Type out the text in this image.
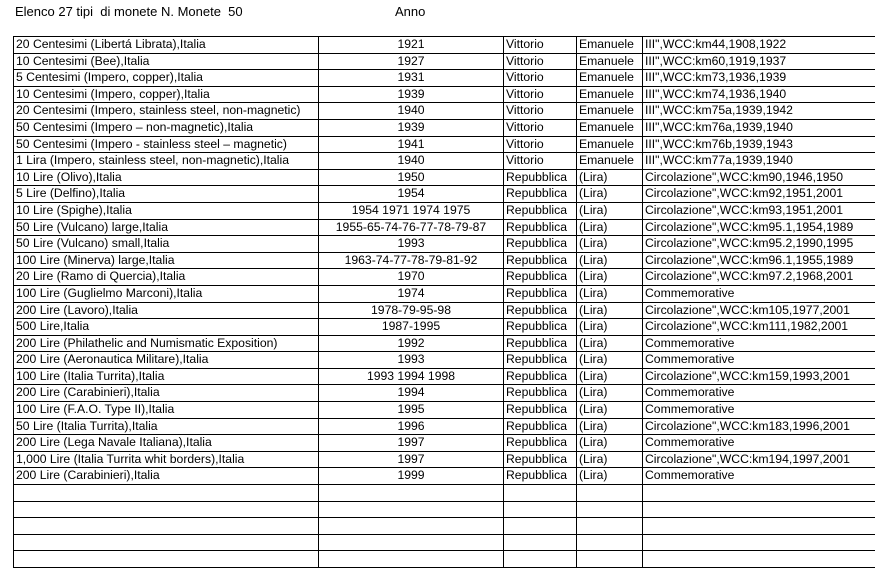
Elenco 27 tipi  di monete N. Monete  50	Anno
20 Centesimi (Libertá Librata),Italia	1921	Vittorio	Emanuele	III",WCC:km44,1908,1922
10 Centesimi (Bee),Italia	1927	Vittorio	Emanuele	III",WCC:km60,1919,1937
5 Centesimi (Impero, copper),Italia	1931	Vittorio	Emanuele	III",WCC:km73,1936,1939
10 Centesimi (Impero, copper),Italia	1939	Vittorio	Emanuele	III",WCC:km74,1936,1940
20 Centesimi (Impero, stainless steel, non-magnetic)	1940	Vittorio	Emanuele	III",WCC:km75a,1939,1942
50 Centesimi (Impero – non-magnetic),Italia	1939	Vittorio	Emanuele	III",WCC:km76a,1939,1940
50 Centesimi (Impero - stainless steel – magnetic)	1941	Vittorio	Emanuele	III",WCC:km76b,1939,1943
1 Lira (Impero, stainless steel, non-magnetic),Italia	1940	Vittorio	Emanuele	III",WCC:km77a,1939,1940
10 Lire (Olivo),Italia	1950	Repubblica	(Lira)	Circolazione",WCC:km90,1946,1950
5 Lire (Delfino),Italia	1954	Repubblica	(Lira)	Circolazione",WCC:km92,1951,2001
10 Lire (Spighe),Italia	1954 1971 1974 1975	Repubblica	(Lira)	Circolazione",WCC:km93,1951,2001
50 Lire (Vulcano) large,Italia	1955-65-74-76-77-78-79-87	Repubblica	(Lira)	Circolazione",WCC:km95.1,1954,1989
50 Lire (Vulcano) small,Italia	1993	Repubblica	(Lira)	Circolazione",WCC:km95.2,1990,1995
100 Lire (Minerva) large,Italia	1963-74-77-78-79-81-92	Repubblica	(Lira)	Circolazione",WCC:km96.1,1955,1989
20 Lire (Ramo di Quercia),Italia	1970	Repubblica	(Lira)	Circolazione",WCC:km97.2,1968,2001
100 Lire (Guglielmo Marconi),Italia	1974	Repubblica	(Lira)	Commemorative
200 Lire (Lavoro),Italia	1978-79-95-98	Repubblica	(Lira)	Circolazione",WCC:km105,1977,2001
500 Lire,Italia	1987-1995	Repubblica	(Lira)	Circolazione",WCC:km111,1982,2001
200 Lire (Philathelic and Numismatic Exposition)	1992	Repubblica	(Lira)	Commemorative
200 Lire (Aeronautica Militare),Italia	1993	Repubblica	(Lira)	Commemorative
100 Lire (Italia Turrita),Italia	1993 1994 1998	Repubblica	(Lira)	Circolazione",WCC:km159,1993,2001
200 Lire (Carabinieri),Italia	1994	Repubblica	(Lira)	Commemorative
100 Lire (F.A.O. Type II),Italia	1995	Repubblica	(Lira)	Commemorative
50 Lire (Italia Turrita),Italia	1996	Repubblica	(Lira)	Circolazione",WCC:km183,1996,2001
200 Lire (Lega Navale Italiana),Italia	1997	Repubblica	(Lira)	Commemorative
1,000 Lire (Italia Turrita whit borders),Italia	1997	Repubblica	(Lira)	Circolazione",WCC:km194,1997,2001
200 Lire (Carabinieri),Italia	1999	Repubblica	(Lira)	Commemorative
